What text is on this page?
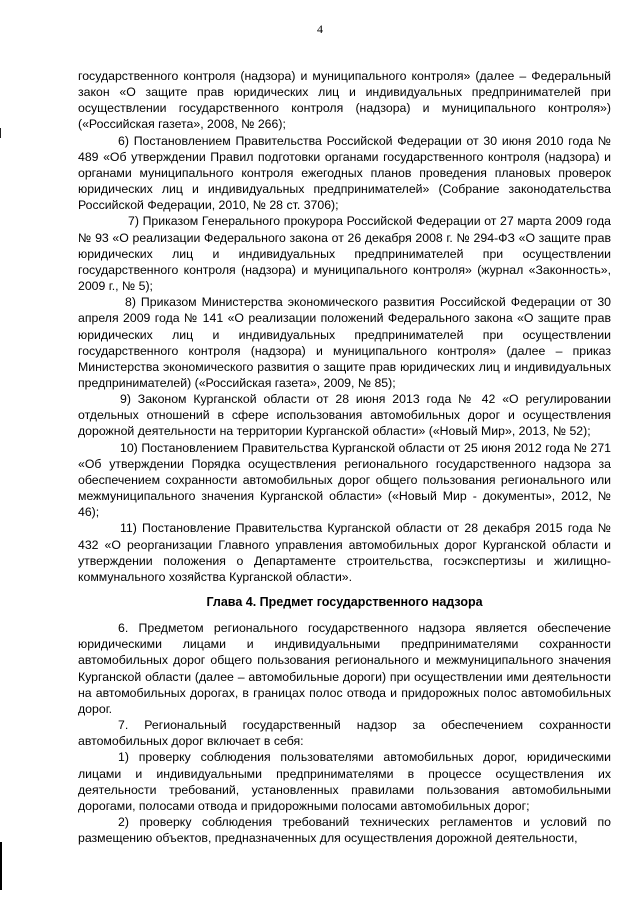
4

государственного контроля (надзора) и муниципального контроля» (далее – Федеральный закон «О защите прав юридических лиц и индивидуальных предпринимателей при осуществлении государственного контроля (надзора) и муниципального контроля») («Российская газета», 2008, № 266);

6) Постановлением Правительства Российской Федерации от 30 июня 2010 года № 489 «Об утверждении Правил подготовки органами государственного контроля (надзора) и органами муниципального контроля ежегодных планов проведения плановых проверок юридических лиц и индивидуальных предпринимателей» (Собрание законодательства Российской Федерации, 2010, № 28 ст. 3706);

7) Приказом Генерального прокурора Российской Федерации от 27 марта 2009 года № 93 «О реализации Федерального закона от 26 декабря 2008 г. № 294-ФЗ «О защите прав юридических лиц и индивидуальных предпринимателей при осуществлении государственного контроля (надзора) и муниципального контроля» (журнал «Законность», 2009 г., № 5);

8) Приказом Министерства экономического развития Российской Федерации от 30 апреля 2009 года № 141 «О реализации положений Федерального закона «О защите прав юридических лиц и индивидуальных предпринимателей при осуществлении государственного контроля (надзора) и муниципального контроля» (далее – приказ Министерства экономического развития о защите прав юридических лиц и индивидуальных предпринимателей) («Российская газета», 2009, № 85);

9) Законом Курганской области от 28 июня 2013 года № 42 «О регулировании отдельных отношений в сфере использования автомобильных дорог и осуществления дорожной деятельности на территории Курганской области» («Новый Мир», 2013, № 52);

10) Постановлением Правительства Курганской области от 25 июня 2012 года № 271 «Об утверждении Порядка осуществления регионального государственного надзора за обеспечением сохранности автомобильных дорог общего пользования регионального или межмуниципального значения Курганской области» («Новый Мир - документы», 2012, № 46);

11) Постановление Правительства Курганской области от 28 декабря 2015 года № 432 «О реорганизации Главного управления автомобильных дорог Курганской области и утверждении положения о Департаменте строительства, госэкспертизы и жилищно-коммунального хозяйства Курганской области».

Глава 4. Предмет государственного надзора

6. Предметом регионального государственного надзора является обеспечение юридическими лицами и индивидуальными предпринимателями сохранности автомобильных дорог общего пользования регионального и межмуниципального значения Курганской области (далее – автомобильные дороги) при осуществлении ими деятельности на автомобильных дорогах, в границах полос отвода и придорожных полос автомобильных дорог.

7. Региональный государственный надзор за обеспечением сохранности автомобильных дорог включает в себя:

1) проверку соблюдения пользователями автомобильных дорог, юридическими лицами и индивидуальными предпринимателями в процессе осуществления их деятельности требований, установленных правилами пользования автомобильными дорогами, полосами отвода и придорожными полосами автомобильных дорог;

2) проверку соблюдения требований технических регламентов и условий по размещению объектов, предназначенных для осуществления дорожной деятельности,
